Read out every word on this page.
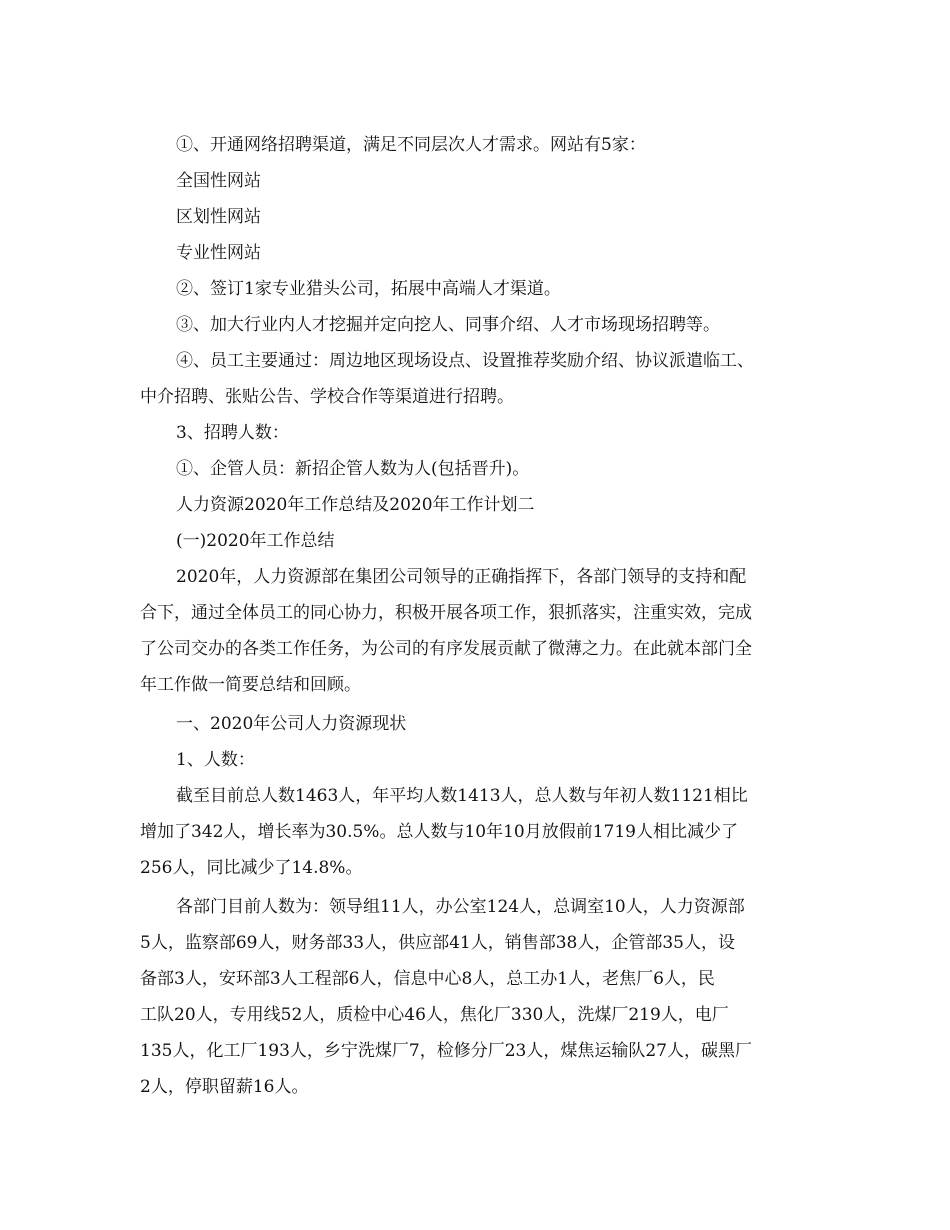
①、开通网络招聘渠道，满足不同层次人才需求。网站有5家：
全国性网站
区划性网站
专业性网站
②、签订1家专业猎头公司，拓展中高端人才渠道。
③、加大行业内人才挖掘并定向挖人、同事介绍、人才市场现场招聘等。
④、员工主要通过：周边地区现场设点、设置推荐奖励介绍、协议派遣临工、
中介招聘、张贴公告、学校合作等渠道进行招聘。
3、招聘人数：
①、企管人员：新招企管人数为人(包括晋升)。
人力资源2020年工作总结及2020年工作计划二
(一)2020年工作总结
2020年，人力资源部在集团公司领导的正确指挥下，各部门领导的支持和配
合下，通过全体员工的同心协力，积极开展各项工作，狠抓落实，注重实效，完成
了公司交办的各类工作任务，为公司的有序发展贡献了微薄之力。在此就本部门全
年工作做一简要总结和回顾。
一、2020年公司人力资源现状
1、人数：
截至目前总人数1463人，年平均人数1413人，总人数与年初人数1121相比
增加了342人，增长率为30.5%。总人数与10年10月放假前1719人相比减少了
256人，同比减少了14.8%。
各部门目前人数为：领导组11人，办公室124人，总调室10人，人力资源部
5人，监察部69人，财务部33人，供应部41人，销售部38人，企管部35人，设
备部3人，安环部3人工程部6人，信息中心8人，总工办1人，老焦厂6人，民
工队20人，专用线52人，质检中心46人，焦化厂330人，洗煤厂219人，电厂
135人，化工厂193人，乡宁洗煤厂7，检修分厂23人，煤焦运输队27人，碳黑厂
2人，停职留薪16人。
